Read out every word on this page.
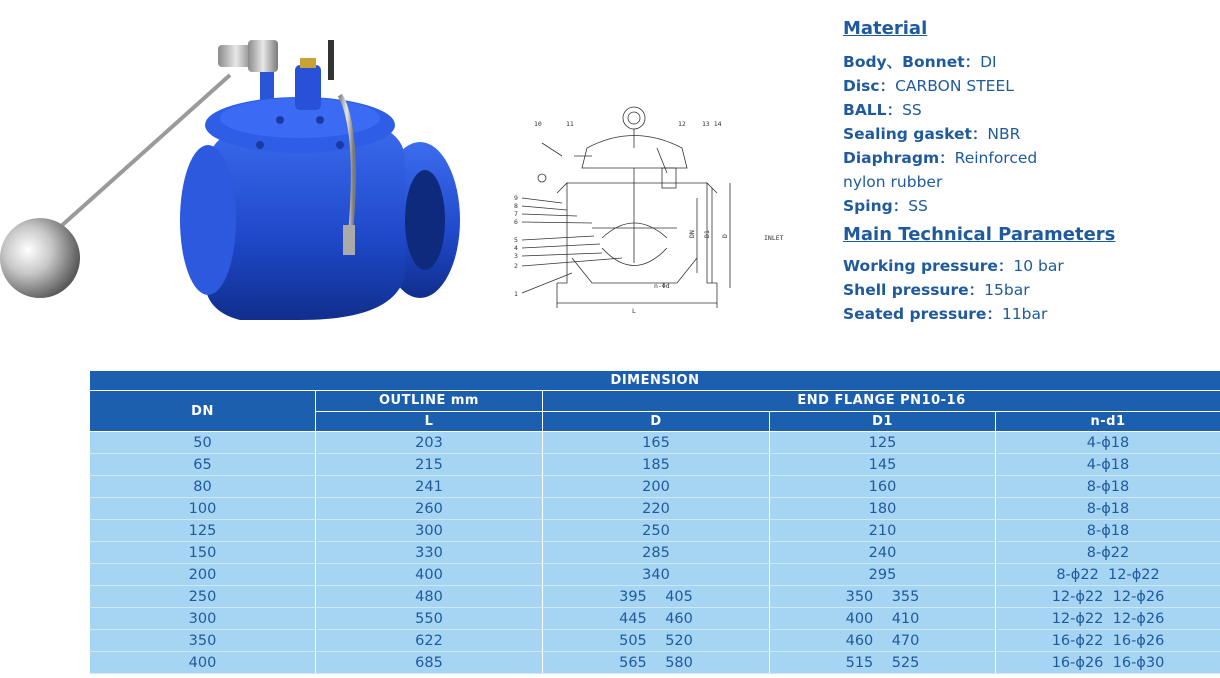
10	11	12 13 14
9
8
7
6
5
4
3
2
1
INLET
DN D1 D
L
n-Φd
Material
Body、Bonnet：DI
Disc：CARBON STEEL
BALL：SS
Sealing gasket：NBR
Diaphragm：Reinforced
nylon rubber
Sping：SS
Main Technical Parameters
Working pressure：10 bar
Shell pressure：15bar
Seated pressure：11bar
DIMENSION				
DN	OUTLINE mm	END FLANGE PN10-16		
	L	D	D1	n-d1
50	203	165	125	4-ϕ18
65	215	185	145	4-ϕ18
80	241	200	160	8-ϕ18
100	260	220	180	8-ϕ18
125	300	250	210	8-ϕ18
150	330	285	240	8-ϕ22
200	400	340	295	8-ϕ22  12-ϕ22
250	480	395    405	350    355	12-ϕ22  12-ϕ26
300	550	445    460	400    410	12-ϕ22  12-ϕ26
350	622	505    520	460    470	16-ϕ22  16-ϕ26
400	685	565    580	515    525	16-ϕ26  16-ϕ30
